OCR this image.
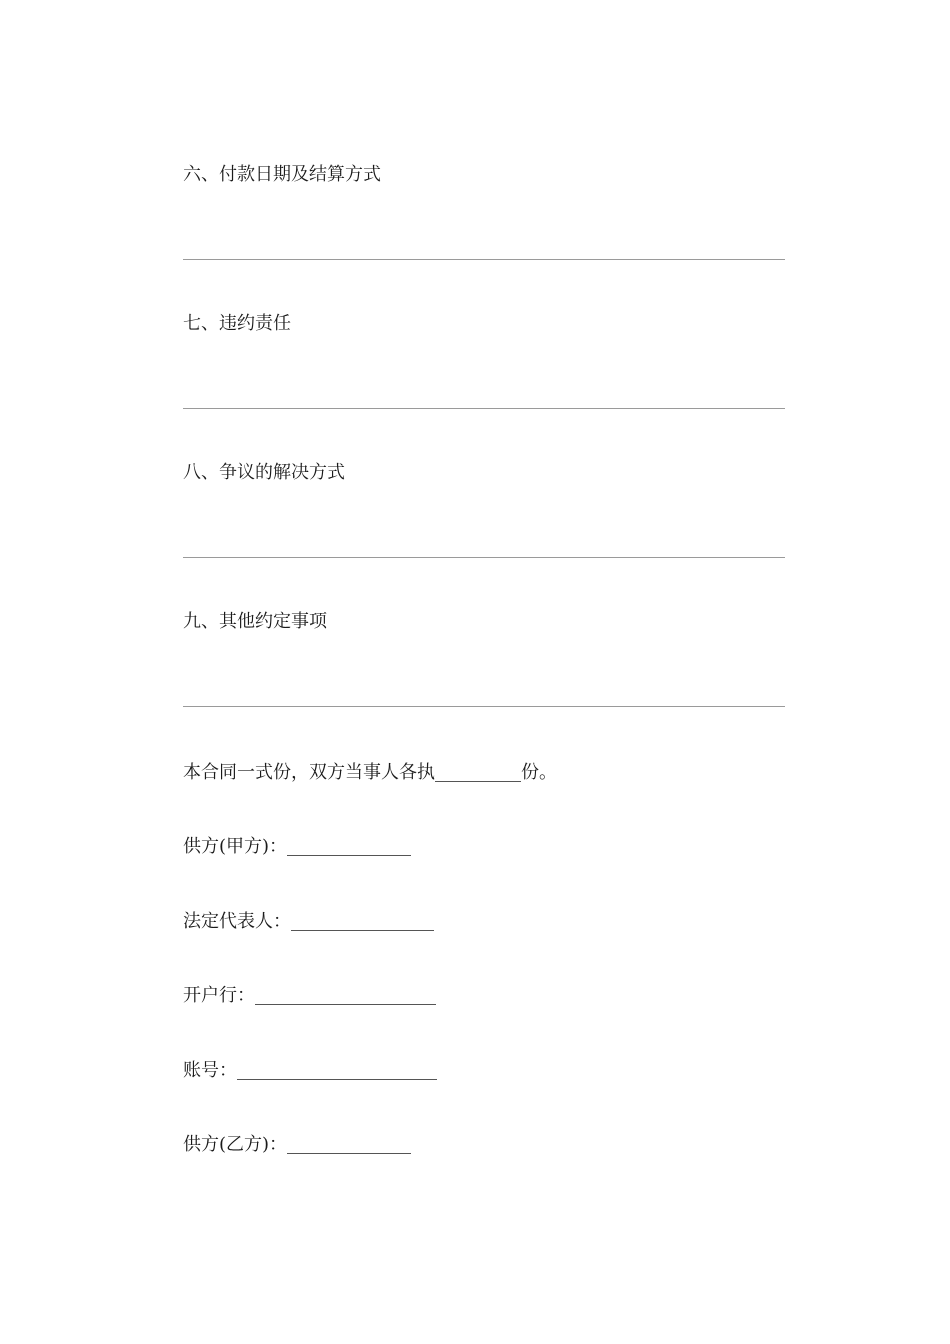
六、付款日期及结算方式
七、违约责任
八、争议的解决方式
九、其他约定事项
本合同一式份，双方当事人各执	份。
供方(甲方)：
法定代表人：
开户行：
账号：
供方(乙方)：
